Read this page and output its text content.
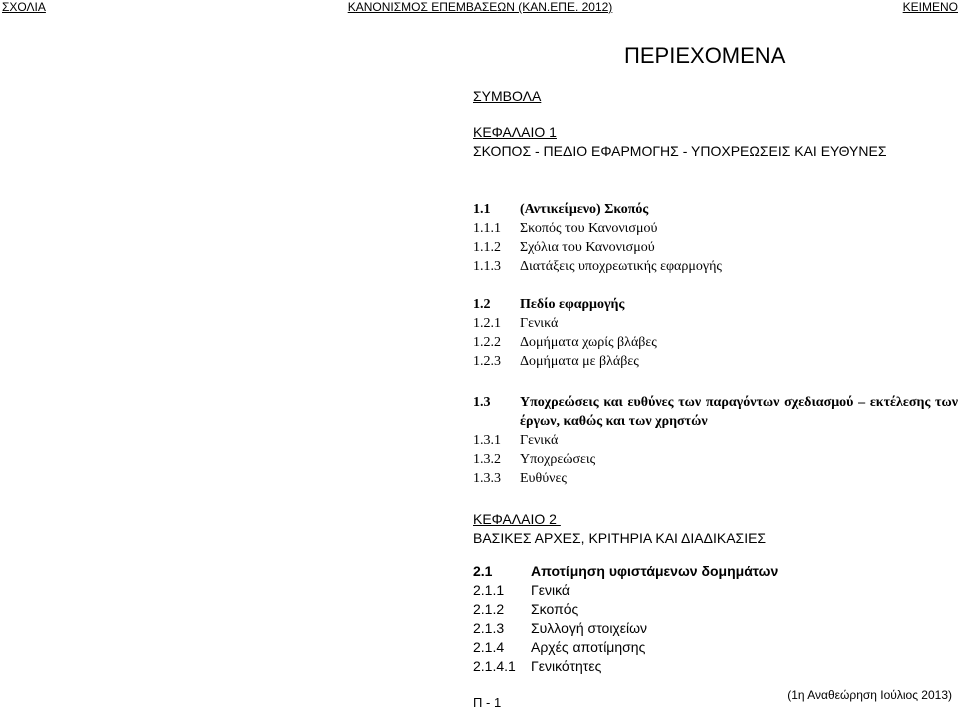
ΣΧΟΛΙΑ	ΚΑΝΟΝΙΣΜΟΣ ΕΠΕΜΒΑΣΕΩΝ (ΚΑΝ.ΕΠΕ. 2012)	ΚΕΙΜΕΝΟ
ΠΕΡΙΕΧΟΜΕΝΑ
ΣΥΜΒΟΛΑ
ΚΕΦΑΛΑΙΟ 1
ΣΚΟΠΟΣ - ΠΕΔΙΟ ΕΦΑΡΜΟΓΗΣ - ΥΠΟΧΡΕΩΣΕΙΣ ΚΑΙ ΕΥΘΥΝΕΣ
1.1 (Αντικείμενο) Σκοπός
1.1.1 Σκοπός του Κανονισμού
1.1.2 Σχόλια του Κανονισμού
1.1.3 Διατάξεις υποχρεωτικής εφαρμογής
1.2 Πεδίο εφαρμογής
1.2.1 Γενικά
1.2.2 Δομήματα χωρίς βλάβες
1.2.3 Δομήματα με βλάβες
1.3 Υποχρεώσεις και ευθύνες των παραγόντων σχεδιασμού – εκτέλεσης των έργων, καθώς και των χρηστών
1.3.1 Γενικά
1.3.2 Υποχρεώσεις
1.3.3 Ευθύνες
ΚΕΦΑΛΑΙΟ 2
ΒΑΣΙΚΕΣ ΑΡΧΕΣ, ΚΡΙΤΗΡΙΑ ΚΑΙ ΔΙΑΔΙΚΑΣΙΕΣ
2.1	Αποτίμηση υφιστάμενων δομημάτων
2.1.1 Γενικά
2.1.2 Σκοπός
2.1.3 Συλλογή στοιχείων
2.1.4 Αρχές αποτίμησης
2.1.4.1 Γενικότητες
Π - 1	(1η Αναθεώρηση Ιούλιος 2013)
